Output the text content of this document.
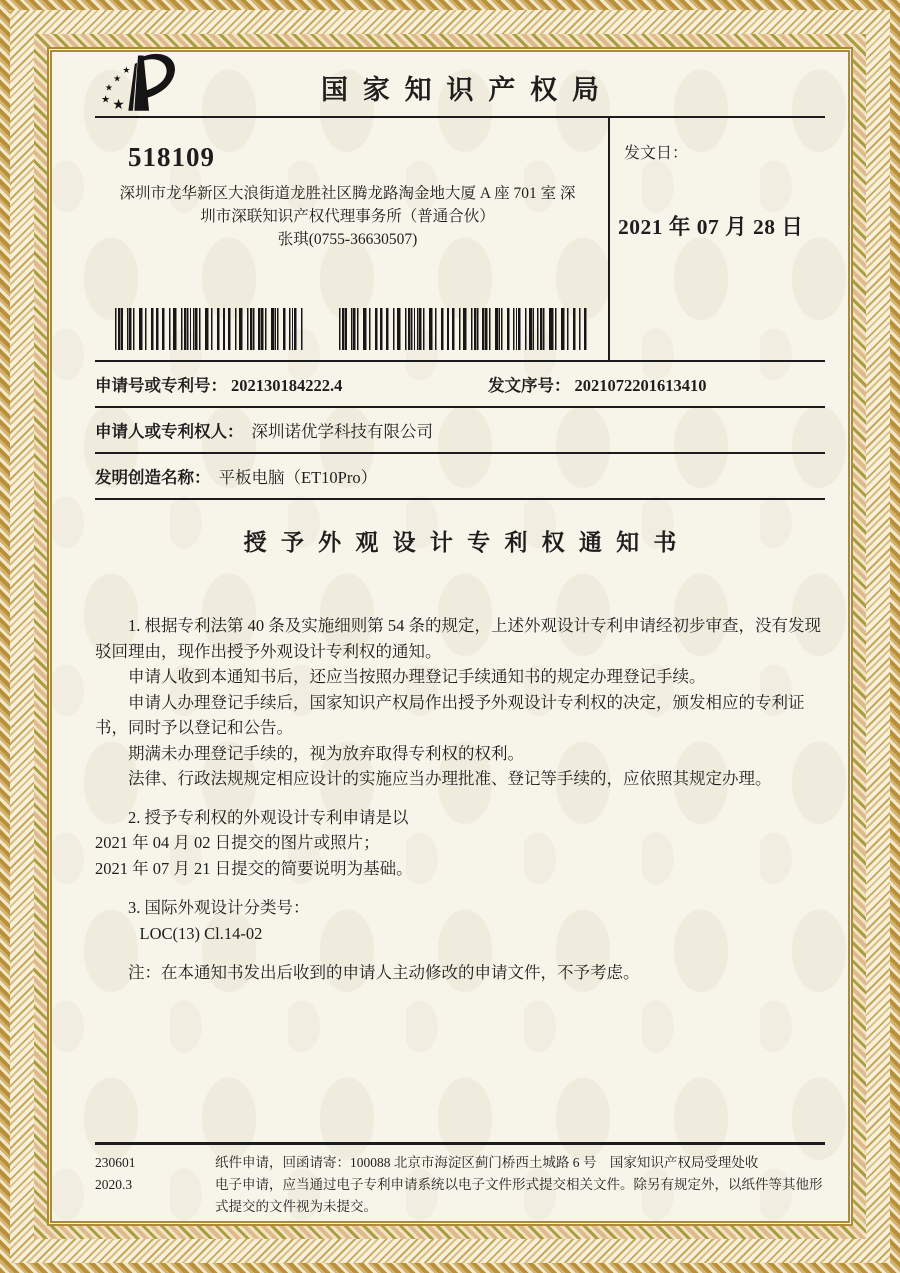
★
★
★
★ ★	国家知识产权局
518109
深圳市龙华新区大浪街道龙胜社区腾龙路淘金地大厦 A 座 701 室 深
圳市深联知识产权代理事务所（普通合伙）
张琪(0755-36630507)
发文日：
2021 年 07 月 28 日
申请号或专利号： 202130184222.4	发文序号： 2021072201613410
申请人或专利权人： 深圳诺优学科技有限公司
发明创造名称： 平板电脑（ET10Pro）
授予外观设计专利权通知书

1. 根据专利法第 40 条及实施细则第 54 条的规定，上述外观设计专利申请经初步审查，没有发现驳回理由，现作出授予外观设计专利权的通知。

申请人收到本通知书后，还应当按照办理登记手续通知书的规定办理登记手续。

申请人办理登记手续后，国家知识产权局作出授予外观设计专利权的决定，颁发相应的专利证书，同时予以登记和公告。

期满未办理登记手续的，视为放弃取得专利权的权利。

法律、行政法规规定相应设计的实施应当办理批准、登记等手续的，应依照其规定办理。

2. 授予专利权的外观设计专利申请是以

2021 年 04 月 02 日提交的图片或照片；

2021 年 07 月 21 日提交的简要说明为基础。

3. 国际外观设计分类号：

LOC(13) Cl.14-02

注：在本通知书发出后收到的申请人主动修改的申请文件，不予考虑。

230601	纸件申请，回函请寄：100088 北京市海淀区蓟门桥西土城路 6 号　国家知识产权局受理处收
2020.3	电子申请，应当通过电子专利申请系统以电子文件形式提交相关文件。除另有规定外，以纸件等其他形式提交的文件视为未提交。
